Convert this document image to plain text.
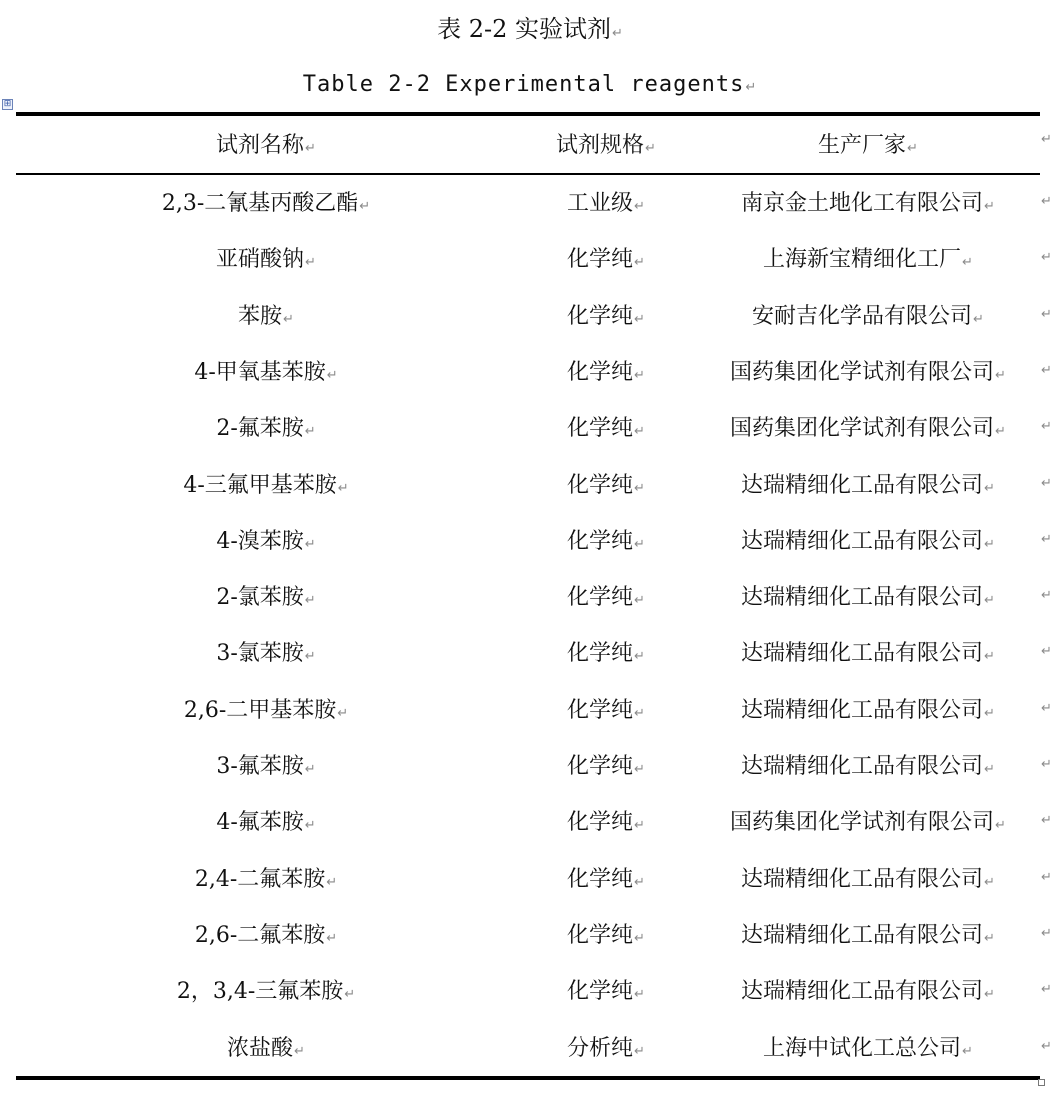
表 2-2 实验试剂↵
Table 2-2 Experimental reagents↵
⊞
试剂名称↵	试剂规格↵	生产厂家↵
2,3-二氰基丙酸乙酯↵	工业级↵	南京金土地化工有限公司↵	↵
亚硝酸钠↵	化学纯↵	上海新宝精细化工厂↵	↵
苯胺↵	化学纯↵	安耐吉化学品有限公司↵	↵
4-甲氧基苯胺↵	化学纯↵	国药集团化学试剂有限公司↵	↵
2-氟苯胺↵	化学纯↵	国药集团化学试剂有限公司↵	↵
4-三氟甲基苯胺↵	化学纯↵	达瑞精细化工品有限公司↵	↵
4-溴苯胺↵	化学纯↵	达瑞精细化工品有限公司↵	↵
2-氯苯胺↵	化学纯↵	达瑞精细化工品有限公司↵	↵
3-氯苯胺↵	化学纯↵	达瑞精细化工品有限公司↵	↵
2,6-二甲基苯胺↵	化学纯↵	达瑞精细化工品有限公司↵	↵
3-氟苯胺↵	化学纯↵	达瑞精细化工品有限公司↵	↵
4-氟苯胺↵	化学纯↵	国药集团化学试剂有限公司↵	↵
2,4-二氟苯胺↵	化学纯↵	达瑞精细化工品有限公司↵	↵
2,6-二氟苯胺↵	化学纯↵	达瑞精细化工品有限公司↵	↵
2，3,4-三氟苯胺↵	化学纯↵	达瑞精细化工品有限公司↵	↵
浓盐酸↵	分析纯↵	上海中试化工总公司↵	↵
↵
